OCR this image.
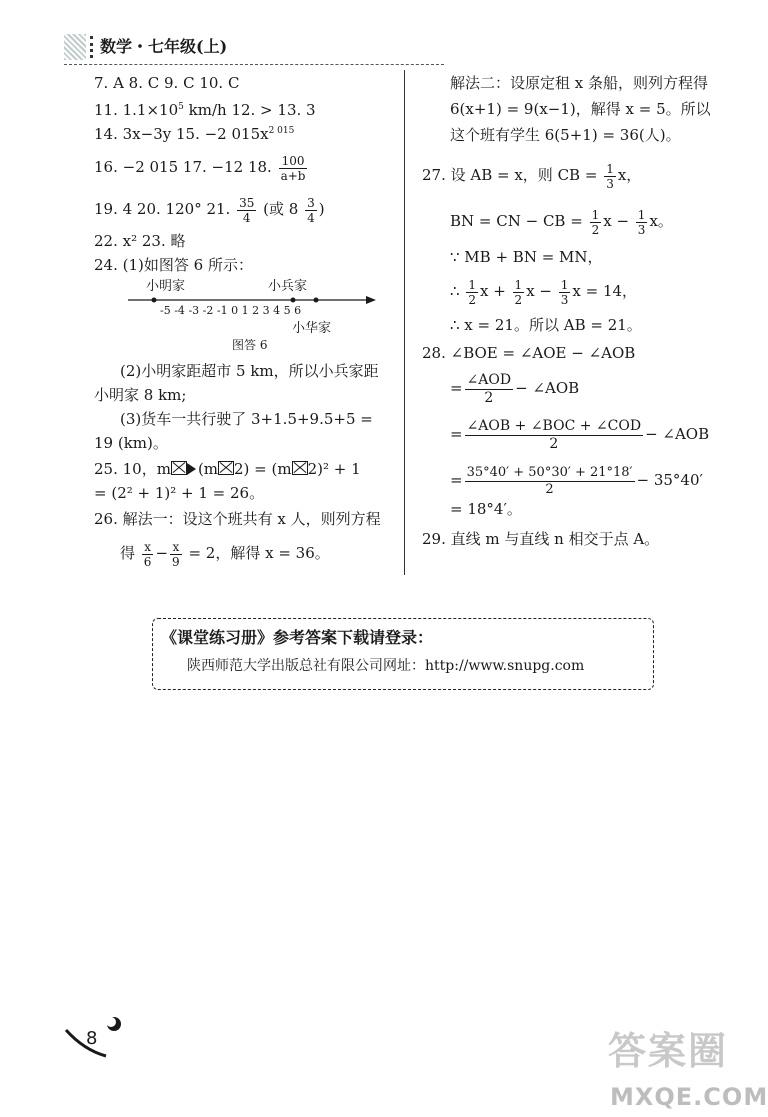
数学・七年级(上)
7. A 8. C 9. C 10. C
11. $1.1\times 10^5$ km/h 12. > 13. 3
14. 3x−3y 15. −2 $015x^{2 015}$
16. −2 015 17. −12 18. $\frac{100}{a+b}$
19. 4 20. 120° 21. $\frac{35}{4}$ (或 $8 \frac{3}{4}$ )
22. x² 23. 略
24. (1)如图答 6 所示：
小明家	小兵家
-5 -4 -3 -2 -1 0 1 2 3 4 5 6
小华家
图答 6
(2)小明家距超市 5 km，所以小兵家距
小明家 8 km;
(3)货车一共行驶了 3+1.5+9.5+5 =
19 (km)。
25. 10，m (m 2) = (m 2)² + 1
= (2² + 1)² + 1 = 26。
26. 解法一：设这个班共有 x 人，则列方程
得 $\frac{x}{6} - \frac{x}{9} = 2$，解得 x = 36。
解法二：设原定租 x 条船，则列方程得
6(x+1) = 9(x−1)，解得 x = 5。所以
这个班有学生 6(5+1) = 36(人)。
27. 设 AB = x，则 CB = $\frac{1}{3}$ x，
BN = CN − CB = $\frac{1}{2}$ $x - \frac{1}{3}$ x。
∵ MB + BN = MN，
∴ $\frac{1}{2}$ $x + \frac{1}{2}$ $x - \frac{1}{3}$ x = 14，
∴ x = 21。所以 AB = 21。
28. ∠BOE = ∠AOE − ∠AOB
= $\frac{\text{∠AOD}}{2}$ − ∠AOB
= $\frac{\text{∠AOB + ∠BOC + ∠COD}}{2}$ − ∠AOB
= $\frac{35^\circ 40' + 50^\circ 30' + 21^\circ 18'}{2} - 35^\circ 40'$
= 18°4′。
29. 直线 m 与直线 n 相交于点 A。
《课堂练习册》参考答案下载请登录：
陕西师范大学出版总社有限公司网址：http://www.snupg.com
8	答案圈
MXQE.COM
